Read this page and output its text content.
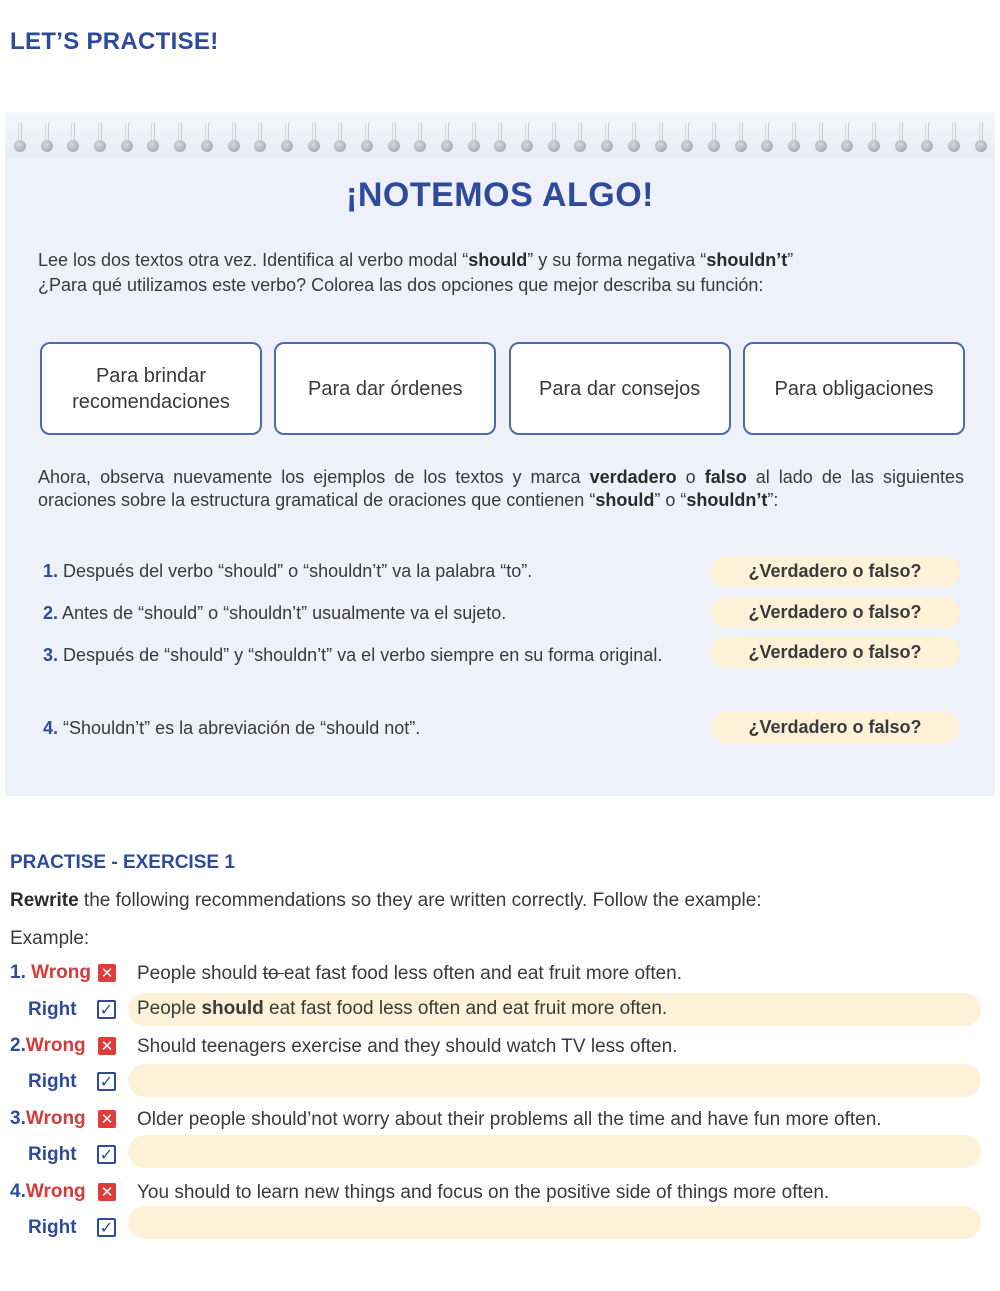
LET’S PRACTISE!
¡NOTEMOS ALGO!
Lee los dos textos otra vez. Identifica al verbo modal “should” y su forma negativa “shouldn’t”
¿Para qué utilizamos este verbo? Colorea las dos opciones que mejor describa su función:
Para brindar
recomendaciones
Para dar órdenes	Para dar consejos	Para obligaciones
Ahora, observa nuevamente los ejemplos de los textos y marca verdadero o falso al lado de las siguientes oraciones sobre la estructura gramatical de oraciones que contienen “should” o “shouldn’t”:
1. Después del verbo “should” o “shouldn’t” va la palabra “to”.	¿Verdadero o falso?
2. Antes de “should” o “shouldn’t” usualmente va el sujeto.	¿Verdadero o falso?
3. Después de “should” y “shouldn’t” va el verbo siempre en su forma original.	¿Verdadero o falso?
4. “Shouldn’t” es la abreviación de “should not”.	¿Verdadero o falso?
PRACTISE - EXERCISE 1
Rewrite the following recommendations so they are written correctly. Follow the example:
Example:
1. Wrong ✕ People should to eat fast food less often and eat fruit more often.
Right ✓ People should eat fast food less often and eat fruit more often.
2.Wrong ✕ Should teenagers exercise and they should watch TV less often.
Right ✓
3.Wrong ✕ Older people should’not worry about their problems all the time and have fun more often.
Right ✓
4.Wrong ✕ You should to learn new things and focus on the positive side of things more often.
Right ✓
